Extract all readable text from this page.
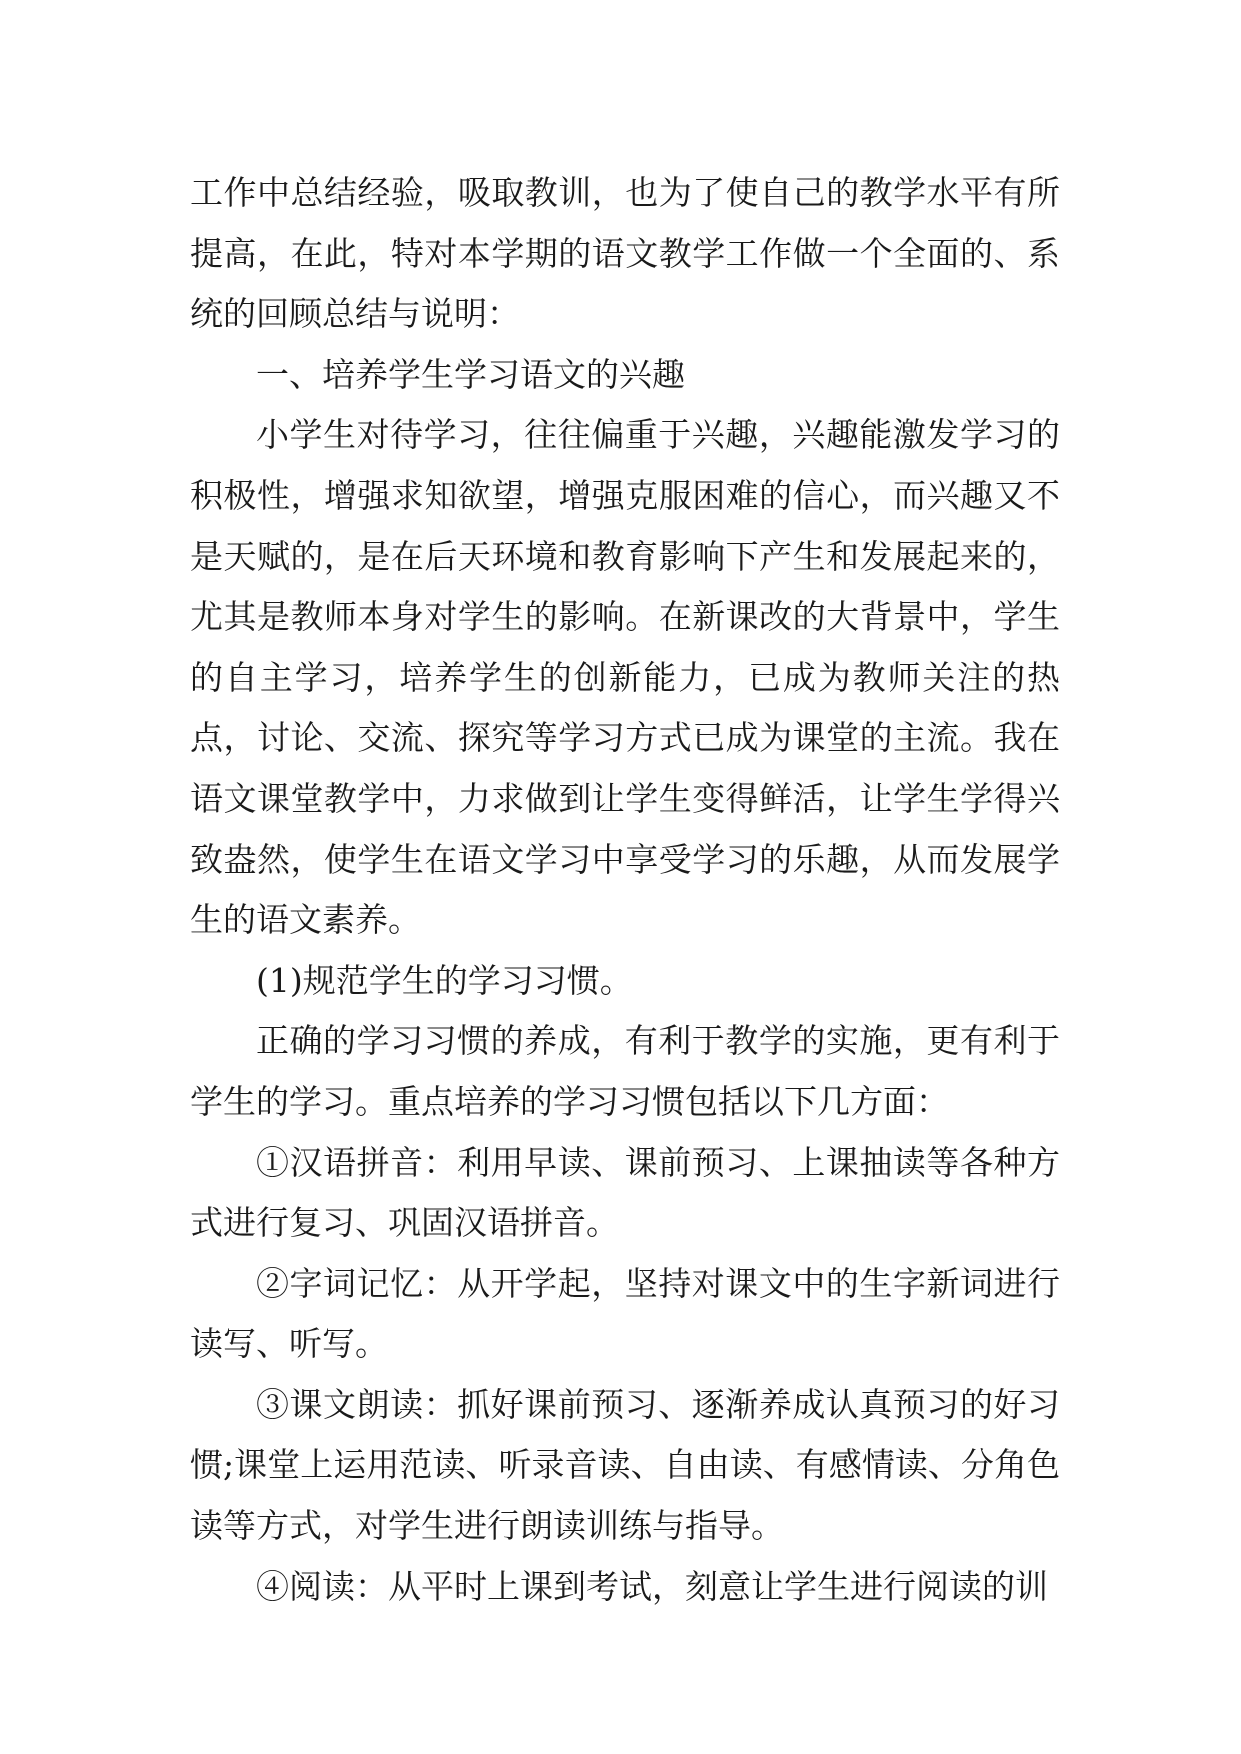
工作中总结经验，吸取教训，也为了使自己的教学水平有所提高，在此，特对本学期的语文教学工作做一个全面的、系统的回顾总结与说明：

一、培养学生学习语文的兴趣

小学生对待学习，往往偏重于兴趣，兴趣能激发学习的积极性，增强求知欲望，增强克服困难的信心，而兴趣又不是天赋的，是在后天环境和教育影响下产生和发展起来的，尤其是教师本身对学生的影响。在新课改的大背景中，学生的自主学习，培养学生的创新能力，已成为教师关注的热点，讨论、交流、探究等学习方式已成为课堂的主流。我在语文课堂教学中，力求做到让学生变得鲜活，让学生学得兴致盎然，使学生在语文学习中享受学习的乐趣，从而发展学生的语文素养。

(1)规范学生的学习习惯。

正确的学习习惯的养成，有利于教学的实施，更有利于学生的学习。重点培养的学习习惯包括以下几方面：

①汉语拼音：利用早读、课前预习、上课抽读等各种方式进行复习、巩固汉语拼音。

②字词记忆：从开学起，坚持对课文中的生字新词进行读写、听写。

③课文朗读：抓好课前预习、逐渐养成认真预习的好习惯;课堂上运用范读、听录音读、自由读、有感情读、分角色读等方式，对学生进行朗读训练与指导。

④阅读：从平时上课到考试，刻意让学生进行阅读的训
